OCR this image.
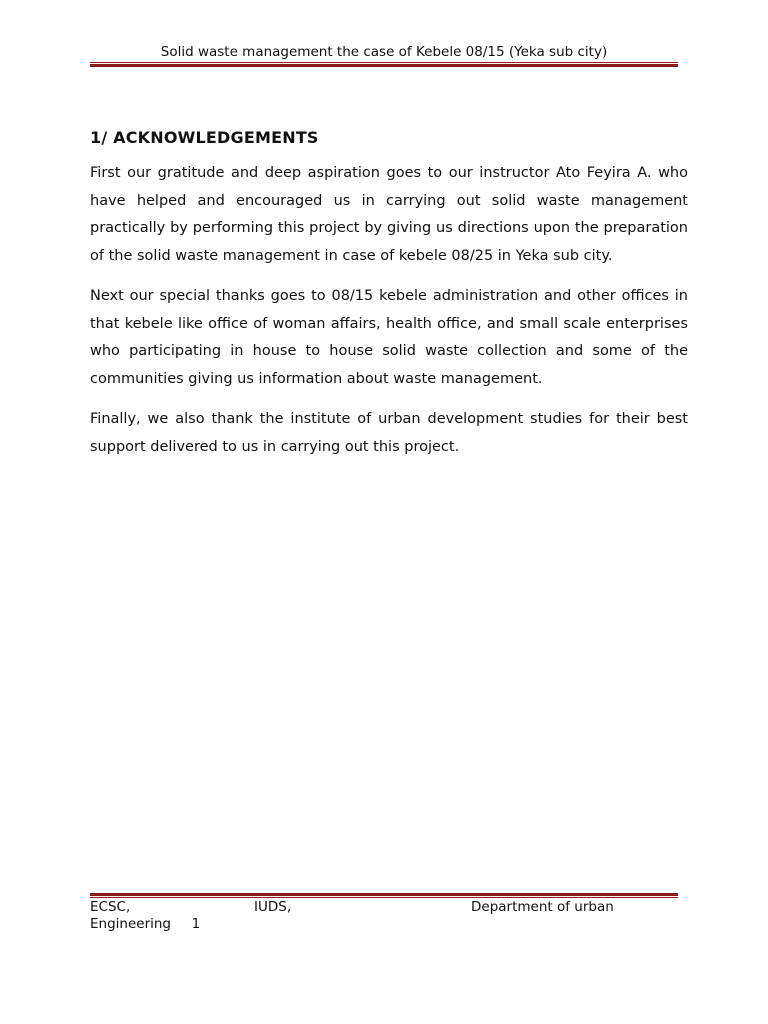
Solid waste management the case of Kebele 08/15 (Yeka sub city)
1/ ACKNOWLEDGEMENTS

First our gratitude and deep aspiration goes to our instructor Ato Feyira A. who have helped and encouraged us in carrying out solid waste management practically by performing this project by giving us directions upon the preparation of the solid waste management in case of kebele 08/25 in Yeka sub city.

Next our special thanks goes to 08/15 kebele administration and other offices in that kebele like office of woman affairs, health office, and small scale enterprises who participating in house to house solid waste collection and some of the communities giving us information about waste management.

Finally, we also thank the institute of urban development studies for their best support delivered to us in carrying out this project.

ECSC,	IUDS,	Department of urban
Engineering 1
